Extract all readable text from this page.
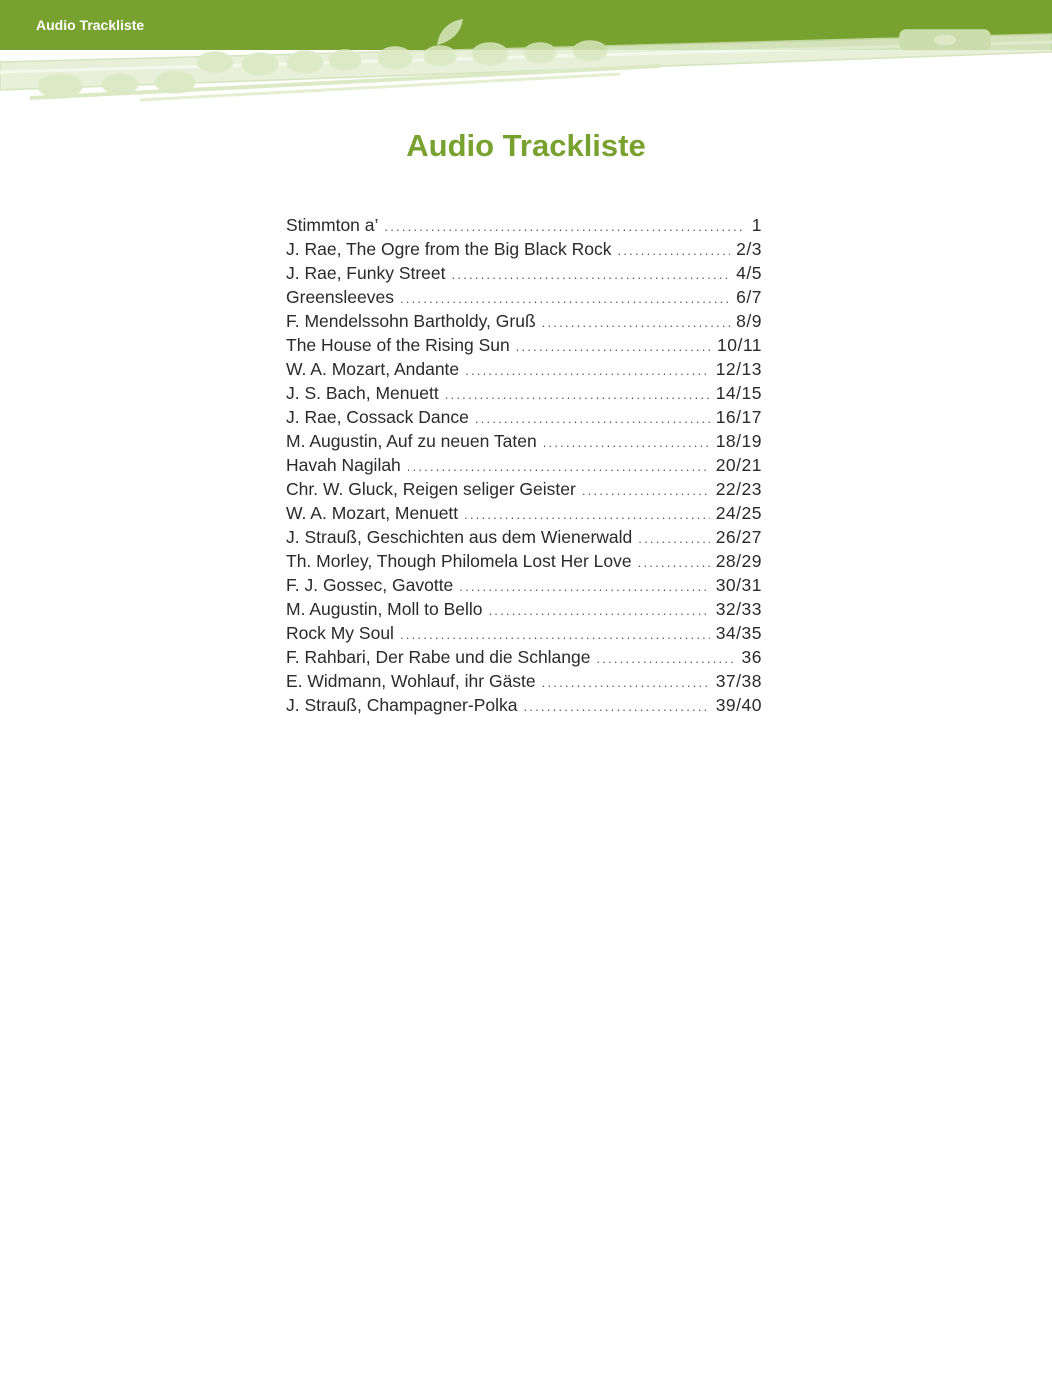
Audio Trackliste
Audio Trackliste
Stimmton a’ .....	1
J. Rae, The Ogre from the Big Black Rock .....	2/3
J. Rae, Funky Street .....	4/5
Greensleeves .....	6/7
F. Mendelssohn Bartholdy, Gruß .....	8/9
The House of the Rising Sun .....	10/11
W. A. Mozart, Andante .....	12/13
J. S. Bach, Menuett .....	14/15
J. Rae, Cossack Dance .....	16/17
M. Augustin, Auf zu neuen Taten .....	18/19
Havah Nagilah .....	20/21
Chr. W. Gluck, Reigen seliger Geister .....	22/23
W. A. Mozart, Menuett .....	24/25
J. Strauß, Geschichten aus dem Wienerwald .....	26/27
Th. Morley, Though Philomela Lost Her Love .....	28/29
F. J. Gossec, Gavotte .....	30/31
M. Augustin, Moll to Bello .....	32/33
Rock My Soul .....	34/35
F. Rahbari, Der Rabe und die Schlange .....	36
E. Widmann, Wohlauf, ihr Gäste .....	37/38
J. Strauß, Champagner-Polka .....	39/40
